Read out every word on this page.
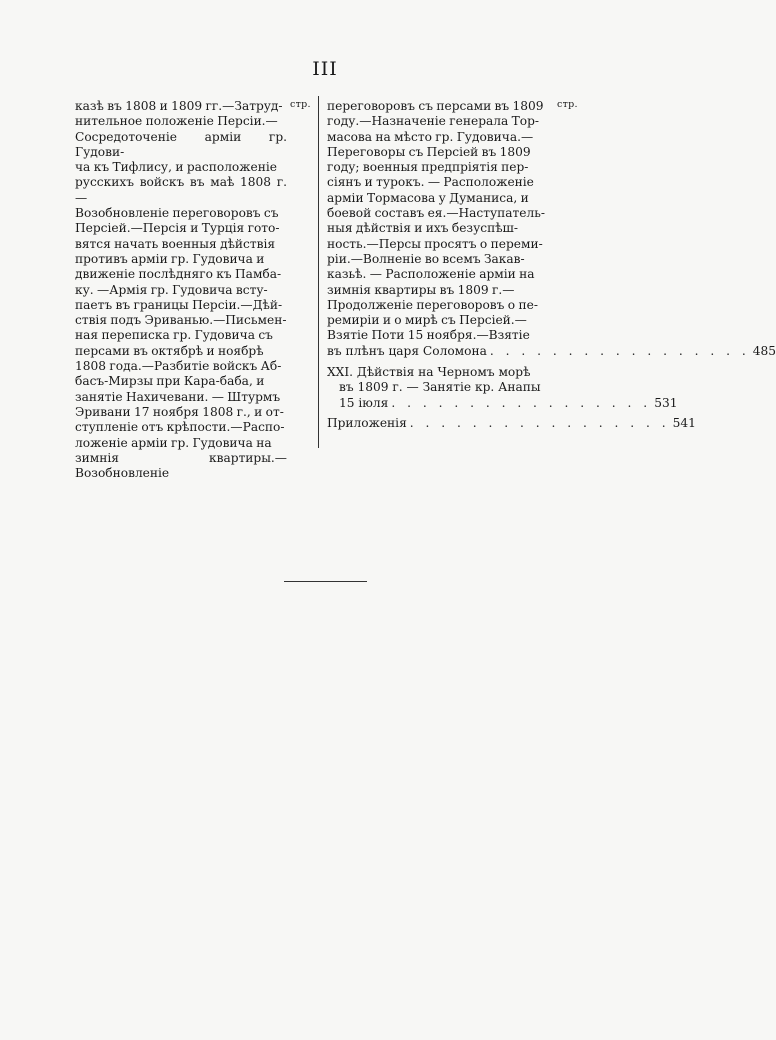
III
стр.	стр.
казѣ въ 1808 и 1809 гг.—Затруд-
нительное положеніе Персіи.—
Сосредоточеніе арміи гр. Гудови-
ча къ Тифлису, и расположеніе
русскихъ войскъ въ маѣ 1808 г.—
Возобновленіе переговоровъ съ
Персіей.—Персія и Турція гото-
вятся начать военныя дѣйствія
противъ арміи гр. Гудовича и
движеніе послѣдняго къ Памба-
ку. —Армія гр. Гудовича всту-
паетъ въ границы Персіи.—Дѣй-
ствія подъ Эриванью.—Письмен-
ная переписка гр. Гудовича съ
персами въ октябрѣ и ноябрѣ
1808 года.—Разбитіе войскъ Аб-
басъ-Мирзы при Кара-баба, и
занятіе Нахичевани. — Штурмъ
Эривани 17 ноября 1808 г., и от-
ступленіе отъ крѣпости.—Распо-
ложеніе арміи гр. Гудовича на
зимнія квартиры.—Возобновленіе
переговоровъ съ персами въ 1809
году.—Назначеніе генерала Тор-
масова на мѣсто гр. Гудовича.—
Переговоры съ Персіей въ 1809
году; военныя предпріятія пер-
сіянъ и турокъ. — Расположеніе
арміи Тормасова у Думаниса, и
боевой составъ ея.—Наступатель-
ныя дѣйствія и ихъ безуспѣш-
ность.—Персы просятъ о переми-
ріи.—Волненіе во всемъ Закав-
казьѣ. — Расположеніе арміи на
зимнія квартиры въ 1809 г.—
Продолженіе переговоровъ о пе-
ремиріи и о мирѣ съ Персіей.—
Взятіе Поти 15 ноября.—Взятіе
въ плѣнъ царя Соломона . . . . . . . . . . . . . . . . . 485
XXI. Дѣйствія на Черномъ морѣ
въ 1809 г. — Занятіе кр. Анапы
15 іюля . . . . . . . . . . . . . . . . . 531
Приложенія . . . . . . . . . . . . . . . . . 541
